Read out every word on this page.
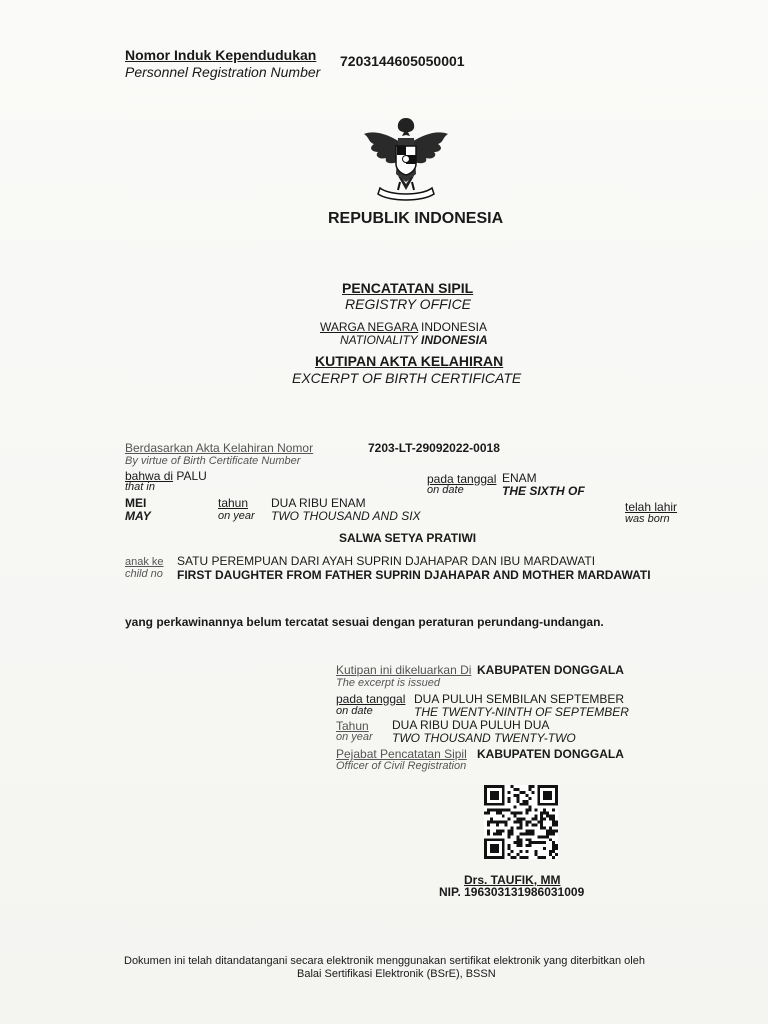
Nomor Induk Kependudukan
Personnel Registration Number
7203144605050001
REPUBLIK INDONESIA
PENCATATAN SIPIL
REGISTRY OFFICE
WARGA NEGARA INDONESIA
NATIONALITY INDONESIA
KUTIPAN AKTA KELAHIRAN
EXCERPT OF BIRTH CERTIFICATE
Berdasarkan Akta Kelahiran Nomor
By virtue of Birth Certificate Number
7203-LT-29092022-0018
bahwa di PALU
that in
pada tanggal
on date
ENAM
THE SIXTH OF
MEI
MAY
tahun
on year
DUA RIBU ENAM
TWO THOUSAND AND SIX
telah lahir
was born
SALWA SETYA PRATIWI
anak ke
child no
SATU PEREMPUAN DARI AYAH SUPRIN DJAHAPAR DAN IBU MARDAWATI
FIRST DAUGHTER FROM FATHER SUPRIN DJAHAPAR AND MOTHER MARDAWATI
yang perkawinannya belum tercatat sesuai dengan peraturan perundang-undangan.
Kutipan ini dikeluarkan Di
The excerpt is issued
KABUPATEN DONGGALA
pada tanggal
on date
DUA PULUH SEMBILAN SEPTEMBER
THE TWENTY-NINTH OF SEPTEMBER
Tahun
on year
DUA RIBU DUA PULUH DUA
TWO THOUSAND TWENTY-TWO
Pejabat Pencatatan Sipil
Officer of Civil Registration
KABUPATEN DONGGALA
Drs. TAUFIK, MM
NIP. 196303131986031009
Dokumen ini telah ditandatangani secara elektronik menggunakan sertifikat elektronik yang diterbitkan oleh
Balai Sertifikasi Elektronik (BSrE), BSSN
